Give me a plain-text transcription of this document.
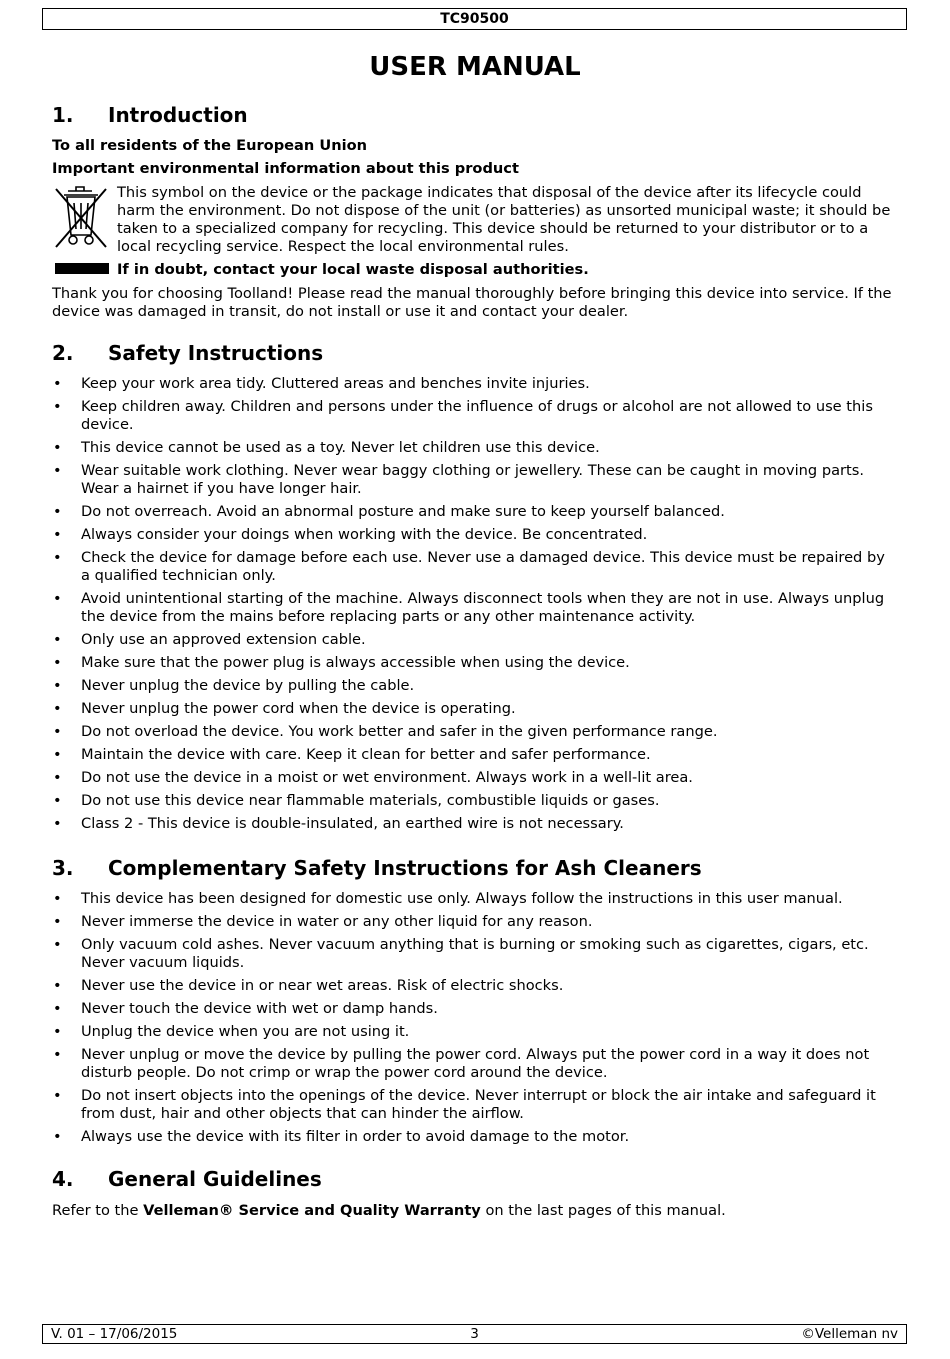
TC90500
USER MANUAL
1. Introduction
To all residents of the European Union
Important environmental information about this product
This symbol on the device or the package indicates that disposal of the device after its lifecycle could harm the environment. Do not dispose of the unit (or batteries) as unsorted municipal waste; it should be taken to a specialized company for recycling. This device should be returned to your distributor or to a local recycling service. Respect the local environmental rules.
If in doubt, contact your local waste disposal authorities.
Thank you for choosing Toolland! Please read the manual thoroughly before bringing this device into service. If the device was damaged in transit, do not install or use it and contact your dealer.
2. Safety Instructions
• Keep your work area tidy. Cluttered areas and benches invite injuries.
• Keep children away. Children and persons under the influence of drugs or alcohol are not allowed to use this device.
• This device cannot be used as a toy. Never let children use this device.
• Wear suitable work clothing. Never wear baggy clothing or jewellery. These can be caught in moving parts. Wear a hairnet if you have longer hair.
• Do not overreach. Avoid an abnormal posture and make sure to keep yourself balanced.
• Always consider your doings when working with the device. Be concentrated.
• Check the device for damage before each use. Never use a damaged device. This device must be repaired by a qualified technician only.
• Avoid unintentional starting of the machine. Always disconnect tools when they are not in use. Always unplug the device from the mains before replacing parts or any other maintenance activity.
• Only use an approved extension cable.
• Make sure that the power plug is always accessible when using the device.
• Never unplug the device by pulling the cable.
• Never unplug the power cord when the device is operating.
• Do not overload the device. You work better and safer in the given performance range.
• Maintain the device with care. Keep it clean for better and safer performance.
• Do not use the device in a moist or wet environment. Always work in a well-lit area.
• Do not use this device near flammable materials, combustible liquids or gases.
• Class 2 - This device is double-insulated, an earthed wire is not necessary.
3. Complementary Safety Instructions for Ash Cleaners
• This device has been designed for domestic use only. Always follow the instructions in this user manual.
• Never immerse the device in water or any other liquid for any reason.
• Only vacuum cold ashes. Never vacuum anything that is burning or smoking such as cigarettes, cigars, etc. Never vacuum liquids.
• Never use the device in or near wet areas. Risk of electric shocks.
• Never touch the device with wet or damp hands.
• Unplug the device when you are not using it.
• Never unplug or move the device by pulling the power cord. Always put the power cord in a way it does not disturb people. Do not crimp or wrap the power cord around the device.
• Do not insert objects into the openings of the device. Never interrupt or block the air intake and safeguard it from dust, hair and other objects that can hinder the airflow.
• Always use the device with its filter in order to avoid damage to the motor.
4. General Guidelines
Refer to the Velleman® Service and Quality Warranty on the last pages of this manual.
V. 01 – 17/06/2015	3	©Velleman nv
